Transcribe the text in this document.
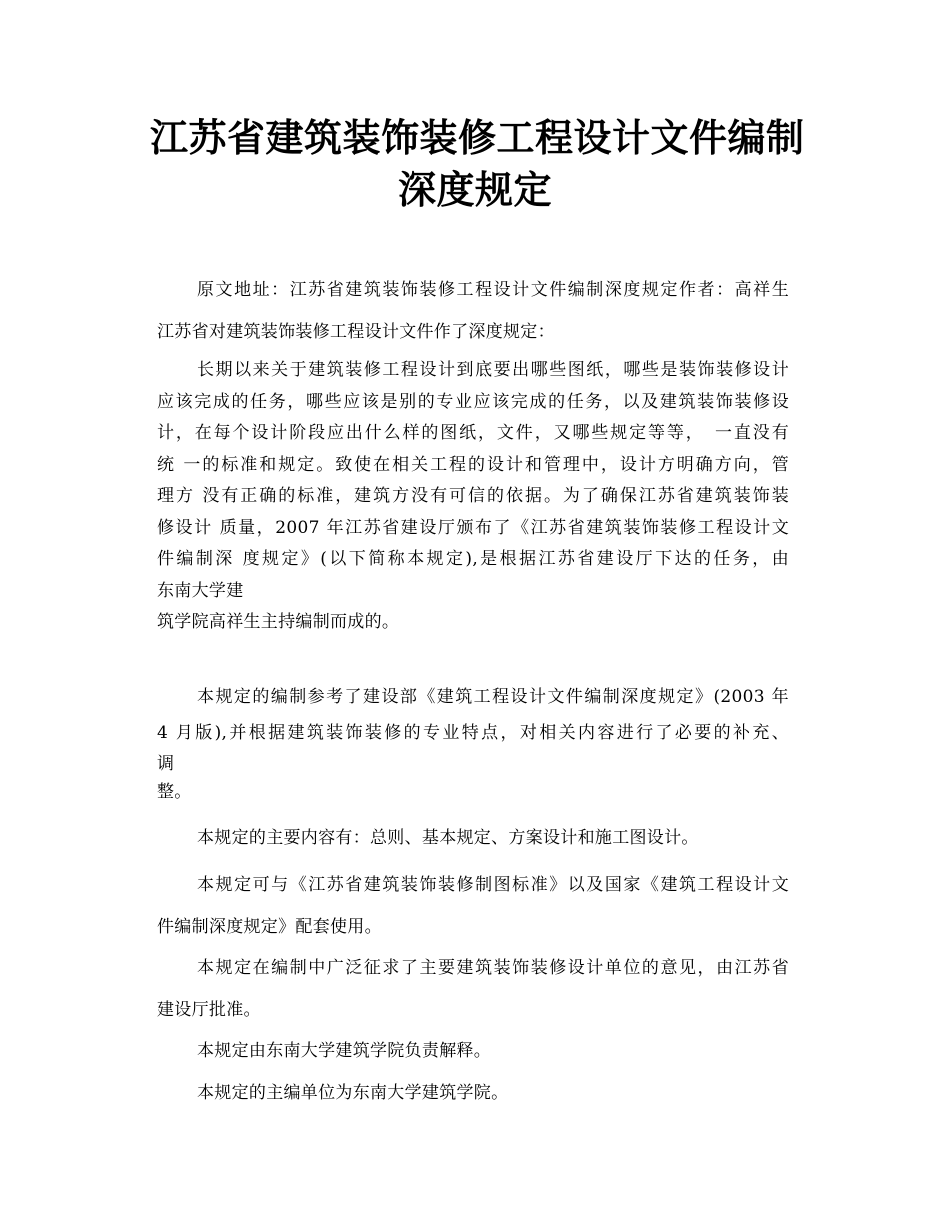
江苏省建筑装饰装修工程设计文件编制
深度规定
原文地址：江苏省建筑装饰装修工程设计文件编制深度规定作者：高祥生
江苏省对建筑装饰装修工程设计文件作了深度规定：
长期以来关于建筑装修工程设计到底要出哪些图纸，哪些是装饰装修设计
应该完成的任务，哪些应该是别的专业应该完成的任务，以及建筑装饰装修设
计，在每个设计阶段应出什么样的图纸，文件，又哪些规定等等，　一直没有
统 一的标准和规定。致使在相关工程的设计和管理中，设计方明确方向，管
理方 没有正确的标准，建筑方没有可信的依据。为了确保江苏省建筑装饰装
修设计 质量，2007 年江苏省建设厅颁布了《江苏省建筑装饰装修工程设计文
件编制深 度规定》(以下简称本规定),是根据江苏省建设厅下达的任务，由
东南大学建
筑学院高祥生主持编制而成的。
本规定的编制参考了建设部《建筑工程设计文件编制深度规定》(2003 年
4 月版),并根据建筑装饰装修的专业特点，对相关内容进行了必要的补充、
调
整。
本规定的主要内容有：总则、基本规定、方案设计和施工图设计。
本规定可与《江苏省建筑装饰装修制图标准》以及国家《建筑工程设计文
件编制深度规定》配套使用。
本规定在编制中广泛征求了主要建筑装饰装修设计单位的意见，由江苏省
建设厅批准。
本规定由东南大学建筑学院负责解释。
本规定的主编单位为东南大学建筑学院。
